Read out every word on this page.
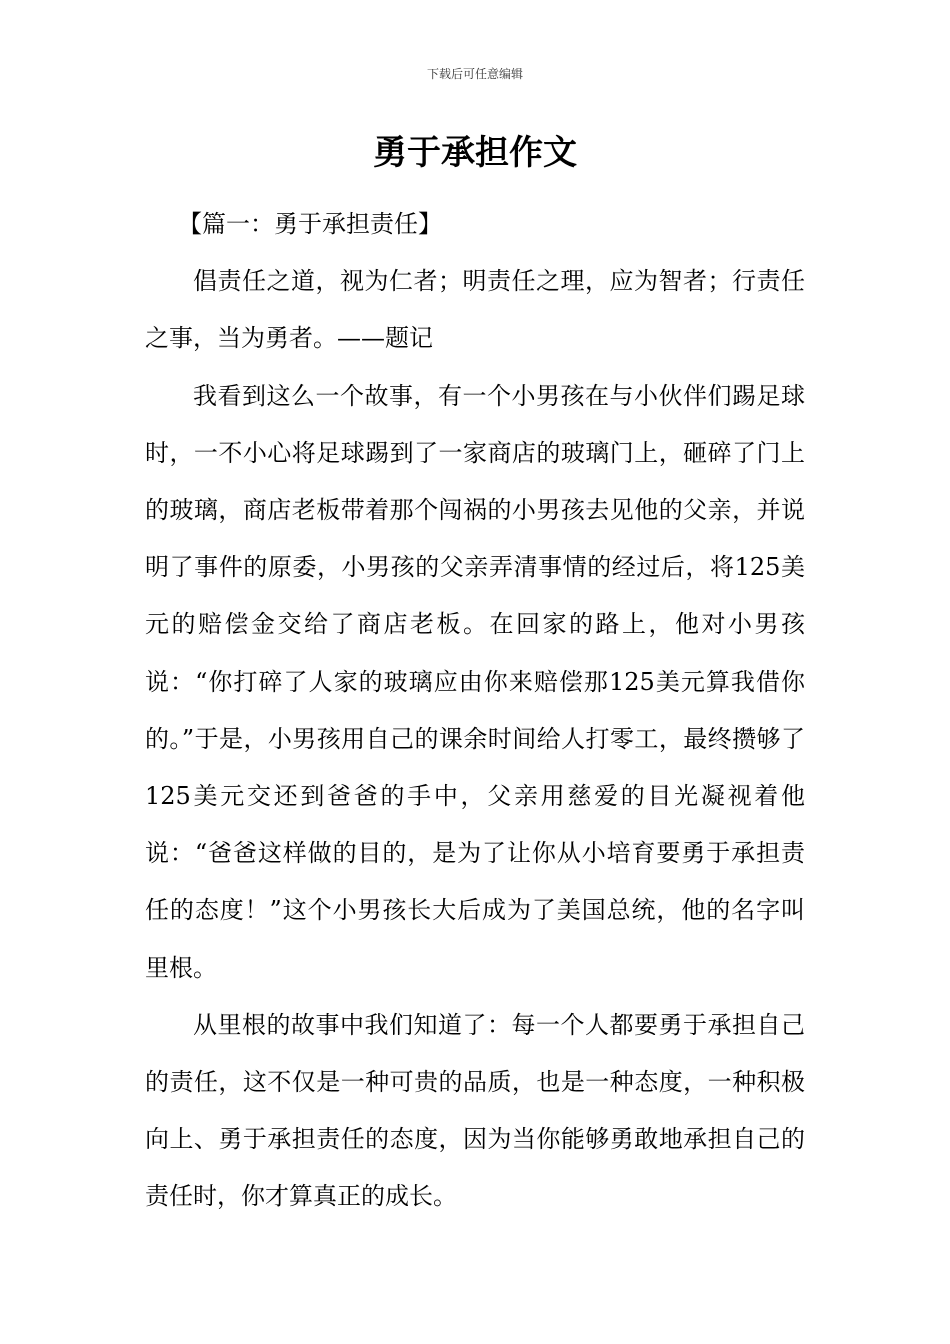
下载后可任意编辑
勇于承担作文

【篇一：勇于承担责任】

倡责任之道，视为仁者；明责任之理，应为智者；行责任之事，当为勇者。——题记

我看到这么一个故事，有一个小男孩在与小伙伴们踢足球时，一不小心将足球踢到了一家商店的玻璃门上，砸碎了门上的玻璃，商店老板带着那个闯祸的小男孩去见他的父亲，并说明了事件的原委，小男孩的父亲弄清事情的经过后，将125美元的赔偿金交给了商店老板。在回家的路上，他对小男孩说：“你打碎了人家的玻璃应由你来赔偿那125美元算我借你的。”于是，小男孩用自己的课余时间给人打零工，最终攒够了125美元交还到爸爸的手中，父亲用慈爱的目光凝视着他说：“爸爸这样做的目的，是为了让你从小培育要勇于承担责任的态度！”这个小男孩长大后成为了美国总统，他的名字叫里根。

从里根的故事中我们知道了：每一个人都要勇于承担自己的责任，这不仅是一种可贵的品质，也是一种态度，一种积极向上、勇于承担责任的态度，因为当你能够勇敢地承担自己的责任时，你才算真正的成长。
